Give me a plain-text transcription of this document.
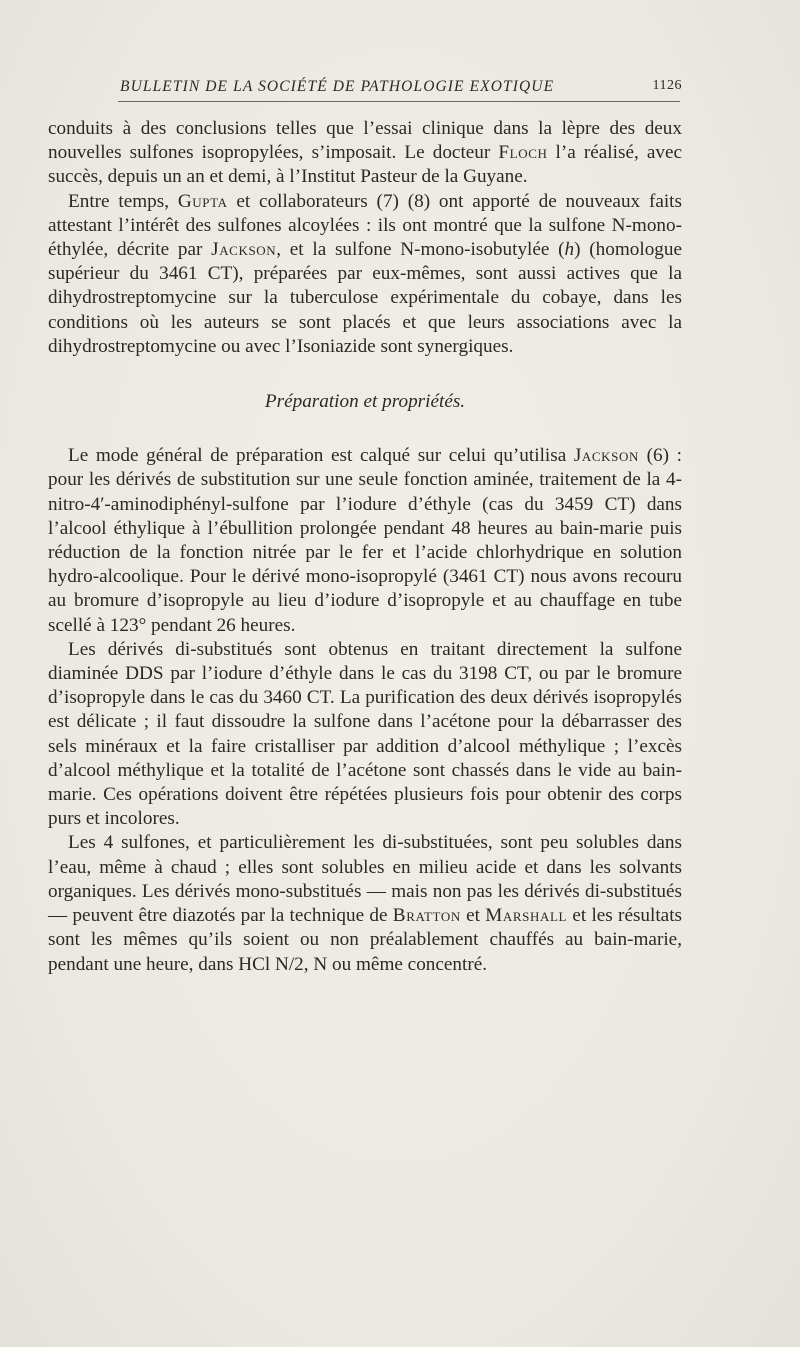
BULLETIN DE LA SOCIÉTÉ DE PATHOLOGIE EXOTIQUE	1126

conduits à des conclusions telles que l’essai clinique dans la lèpre des deux nouvelles sulfones isopropylées, s’imposait. Le docteur Floch l’a réalisé, avec succès, depuis un an et demi, à l’Institut Pasteur de la Guyane.

Entre temps, Gupta et collaborateurs (7) (8) ont apporté de nouveaux faits attestant l’intérêt des sulfones alcoylées : ils ont montré que la sulfone N-mono-éthylée, décrite par Jackson, et la sulfone N-mono-isobutylée (h) (homologue supérieur du 3461 CT), préparées par eux-mêmes, sont aussi actives que la dihydrostreptomycine sur la tuberculose expérimentale du cobaye, dans les conditions où les auteurs se sont placés et que leurs associations avec la dihydrostreptomycine ou avec l’Isoniazide sont synergiques.

Préparation et propriétés.

Le mode général de préparation est calqué sur celui qu’utilisa Jackson (6) : pour les dérivés de substitution sur une seule fonction aminée, traitement de la 4-nitro-4′-aminodiphényl-sulfone par l’iodure d’éthyle (cas du 3459 CT) dans l’alcool éthylique à l’ébullition prolongée pendant 48 heures au bain-marie puis réduction de la fonction nitrée par le fer et l’acide chlorhydrique en solution hydro-alcoolique. Pour le dérivé mono-isopropylé (3461 CT) nous avons recouru au bromure d’isopropyle au lieu d’iodure d’isopropyle et au chauffage en tube scellé à 123° pendant 26 heures.

Les dérivés di-substitués sont obtenus en traitant directement la sulfone diaminée DDS par l’iodure d’éthyle dans le cas du 3198 CT, ou par le bromure d’isopropyle dans le cas du 3460 CT. La purification des deux dérivés isopropylés est délicate ; il faut dissoudre la sulfone dans l’acétone pour la débarrasser des sels minéraux et la faire cristalliser par addition d’alcool méthylique ; l’excès d’alcool méthylique et la totalité de l’acétone sont chassés dans le vide au bain-marie. Ces opérations doivent être répétées plusieurs fois pour obtenir des corps purs et incolores.

Les 4 sulfones, et particulièrement les di-substituées, sont peu solubles dans l’eau, même à chaud ; elles sont solubles en milieu acide et dans les solvants organiques. Les dérivés mono-substitués — mais non pas les dérivés di-substitués — peuvent être diazotés par la technique de Bratton et Marshall et les résultats sont les mêmes qu’ils soient ou non préalablement chauffés au bain-marie, pendant une heure, dans HCl N/2, N ou même concentré.
